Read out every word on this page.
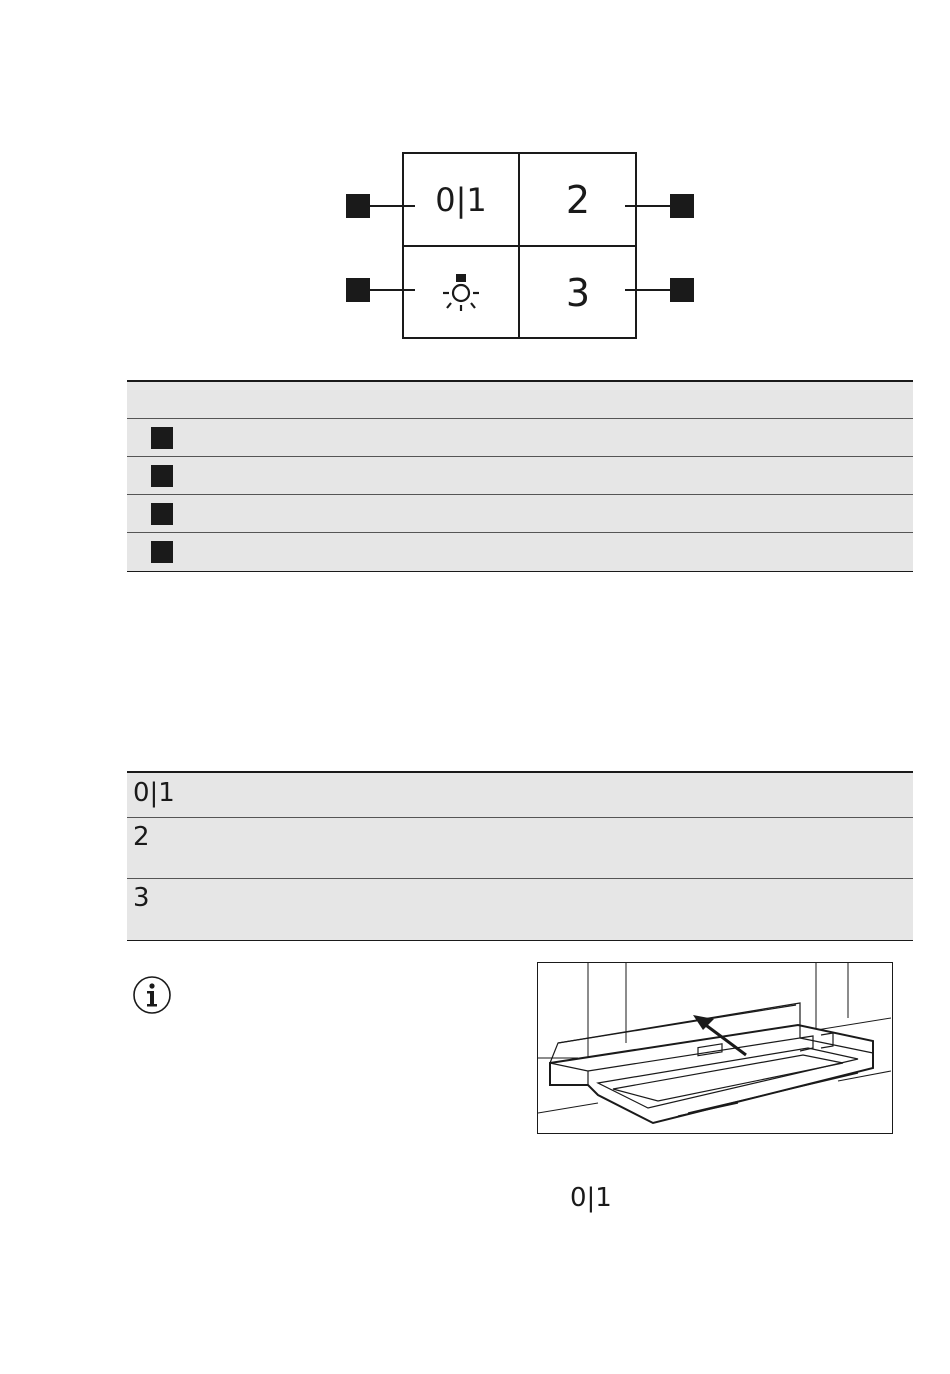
0|1 2
3
0|1
2
3
0|1
